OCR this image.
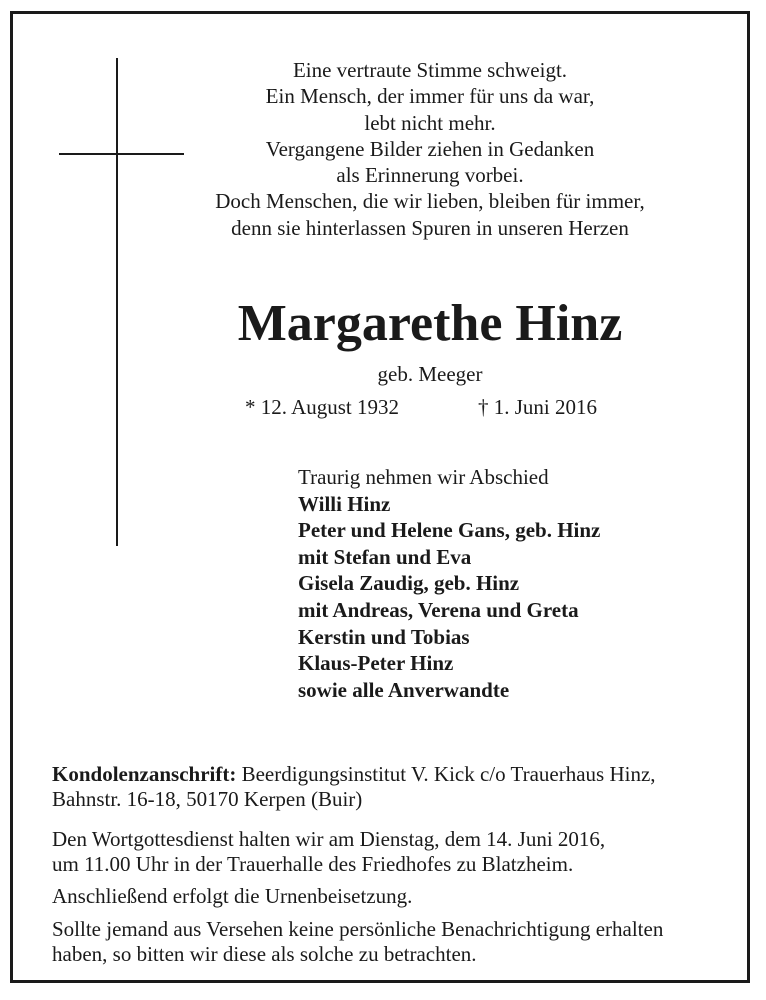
Eine vertraute Stimme schweigt.
Ein Mensch, der immer für uns da war,
lebt nicht mehr.
Vergangene Bilder ziehen in Gedanken
als Erinnerung vorbei.
Doch Menschen, die wir lieben, bleiben für immer,
denn sie hinterlassen Spuren in unseren Herzen
Margarethe Hinz
geb. Meeger
* 12. August 1932	† 1. Juni 2016
Traurig nehmen wir Abschied
Willi Hinz
Peter und Helene Gans, geb. Hinz
mit Stefan und Eva
Gisela Zaudig, geb. Hinz
mit Andreas, Verena und Greta
Kerstin und Tobias
Klaus-Peter Hinz
sowie alle Anverwandte
Kondolenzanschrift: Beerdigungsinstitut V. Kick c/o Trauerhaus Hinz,
Bahnstr. 16-18, 50170 Kerpen (Buir)
Den Wortgottesdienst halten wir am Dienstag, dem 14. Juni 2016,
um 11.00 Uhr in der Trauerhalle des Friedhofes zu Blatzheim.
Anschließend erfolgt die Urnenbeisetzung.
Sollte jemand aus Versehen keine persönliche Benachrichtigung erhalten
haben, so bitten wir diese als solche zu betrachten.
